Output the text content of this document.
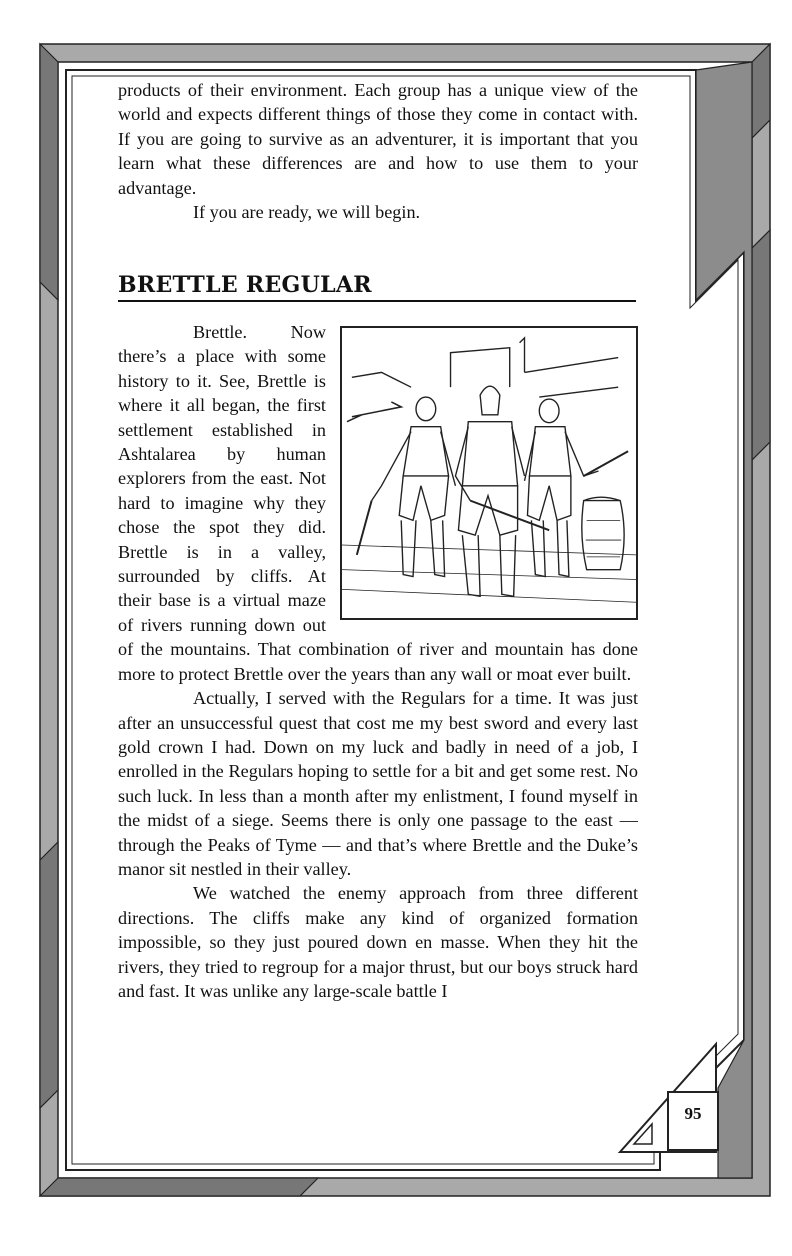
products of their environment. Each group has a unique view of the world and expects different things of those they come in contact with. If you are going to survive as an adventurer, it is important that you learn what these differences are and how to use them to your advantage.

If you are ready, we will begin.

BRETTLE REGULAR

Brettle. Now there’s a place with some history to it. See, Brettle is where it all began, the first settlement established in Ashtalarea by human explorers from the east. Not hard to imagine why they chose the spot they did. Brettle is in a valley, surrounded by cliffs. At their base is a virtual maze of rivers running down out of the mountains. That combination of river and mountain has done more to protect Brettle over the years than any wall or moat ever built.

Actually, I served with the Regulars for a time. It was just after an unsuccessful quest that cost me my best sword and every last gold crown I had. Down on my luck and badly in need of a job, I enrolled in the Regulars hoping to settle for a bit and get some rest. No such luck. In less than a month after my enlistment, I found myself in the midst of a siege. Seems there is only one passage to the east — through the Peaks of Tyme — and that’s where Brettle and the Duke’s manor sit nestled in their valley.

We watched the enemy approach from three different directions. The cliffs make any kind of organized formation impossible, so they just poured down en masse. When they hit the rivers, they tried to regroup for a major thrust, but our boys struck hard and fast. It was unlike any large-scale battle I

95
